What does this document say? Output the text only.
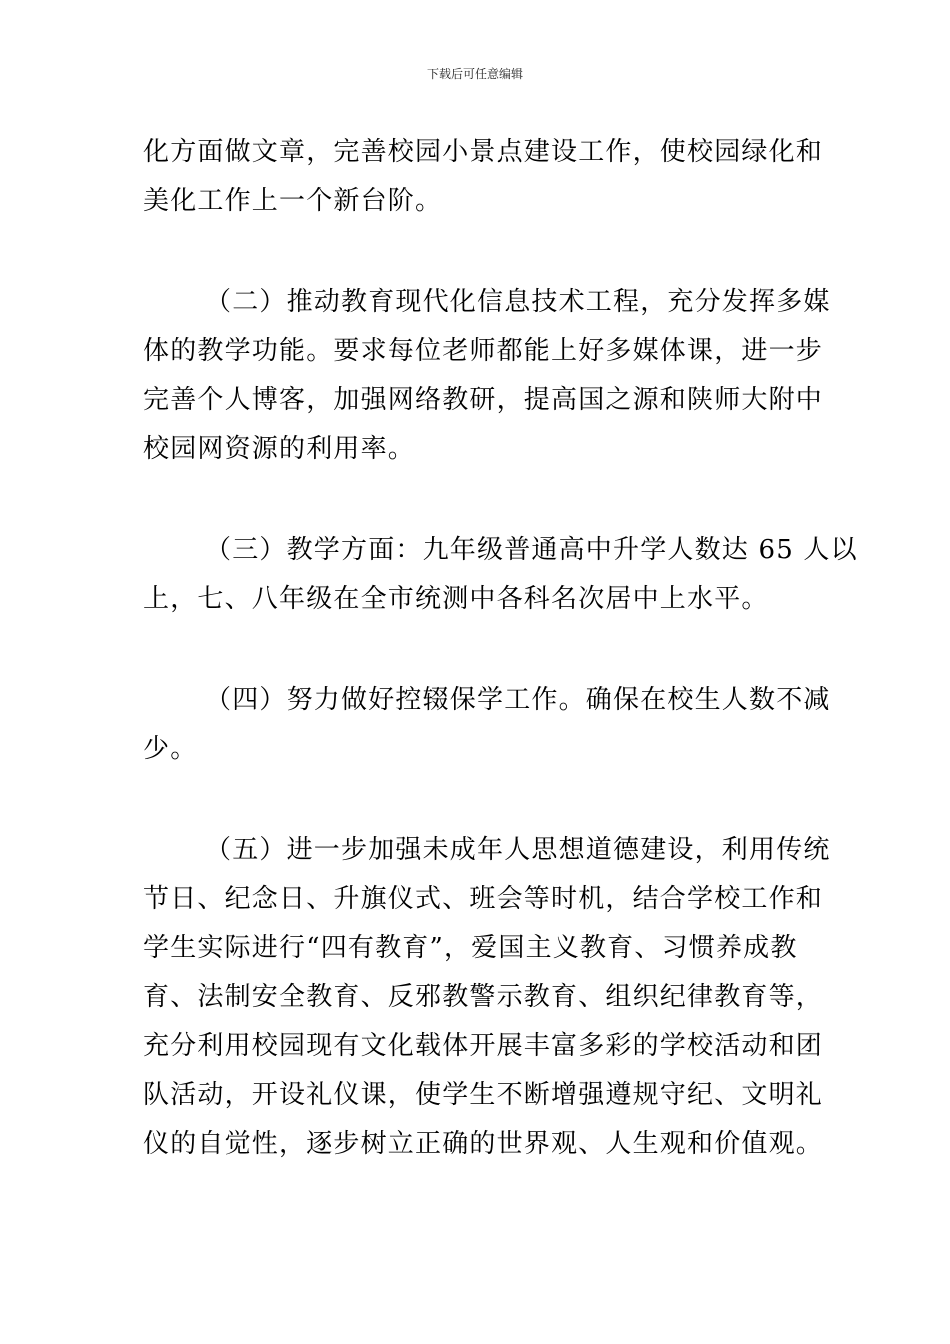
下载后可任意编辑
化方面做文章，完善校园小景点建设工作，使校园绿化和
美化工作上一个新台阶。
（二）推动教育现代化信息技术工程，充分发挥多媒
体的教学功能。要求每位老师都能上好多媒体课，进一步
完善个人博客，加强网络教研，提高国之源和陕师大附中
校园网资源的利用率。
（三）教学方面：九年级普通高中升学人数达 65 人以
上，七、八年级在全市统测中各科名次居中上水平。
（四）努力做好控辍保学工作。确保在校生人数不减
少。
（五）进一步加强未成年人思想道德建设，利用传统
节日、纪念日、升旗仪式、班会等时机，结合学校工作和
学生实际进行“四有教育”，爱国主义教育、习惯养成教
育、法制安全教育、反邪教警示教育、组织纪律教育等，
充分利用校园现有文化载体开展丰富多彩的学校活动和团
队活动，开设礼仪课，使学生不断增强遵规守纪、文明礼
仪的自觉性，逐步树立正确的世界观、人生观和价值观。
